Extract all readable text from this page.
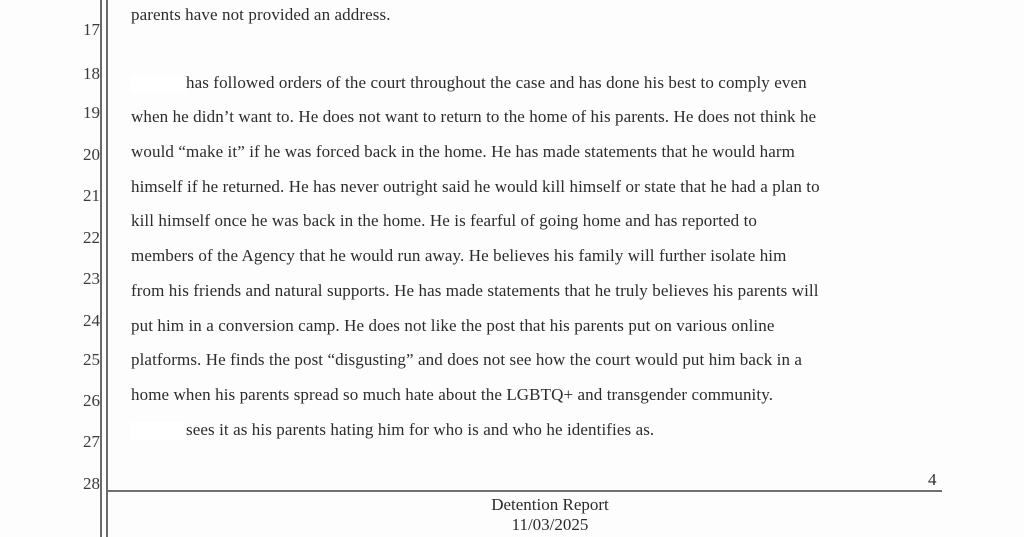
17
18
19
20
21
22
23
24
25
26
27
28
parents have not provided an address.
has followed orders of the court throughout the case and has done his best to comply even
when he didn’t want to. He does not want to return to the home of his parents. He does not think he
would “make it” if he was forced back in the home. He has made statements that he would harm
himself if he returned. He has never outright said he would kill himself or state that he had a plan to
kill himself once he was back in the home. He is fearful of going home and has reported to
members of the Agency that he would run away. He believes his family will further isolate him
from his friends and natural supports. He has made statements that he truly believes his parents will
put him in a conversion camp. He does not like the post that his parents put on various online
platforms. He finds the post “disgusting” and does not see how the court would put him back in a
home when his parents spread so much hate about the LGBTQ+ and transgender community.
sees it as his parents hating him for who is and who he identifies as.
4
Detention Report
11/03/2025
